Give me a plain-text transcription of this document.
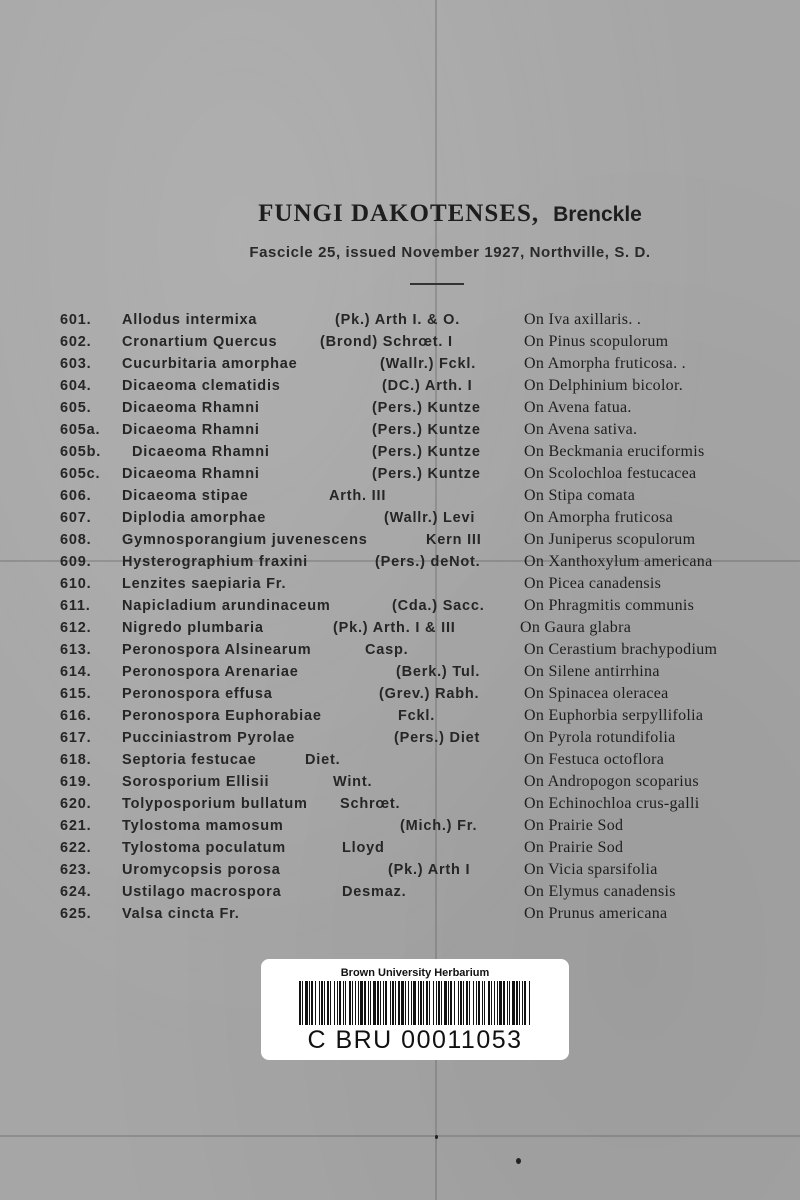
FUNGI DAKOTENSES, Brenckle
Fascicle 25, issued November 1927, Northville, S. D.
601. Allodus intermixa	(Pk.) Arth I. & O.	On Iva axillaris. .
602. Cronartium Quercus	(Brond) Schrœt. I	On Pinus scopulorum
603. Cucurbitaria amorphae	(Wallr.) Fckl.	On Amorpha fruticosa. .
604. Dicaeoma clematidis	(DC.) Arth. I	On Delphinium bicolor.
605. Dicaeoma Rhamni	(Pers.) Kuntze	On Avena fatua.
605a. Dicaeoma Rhamni	(Pers.) Kuntze	On Avena sativa.
605b. Dicaeoma Rhamni	(Pers.) Kuntze	On Beckmania eruciformis
605c. Dicaeoma Rhamni	(Pers.) Kuntze	On Scolochloa festucacea
606. Dicaeoma stipae	Arth. III	On Stipa comata
607. Diplodia amorphae	(Wallr.) Levi	On Amorpha fruticosa
608. Gymnosporangium juvenescens	Kern III	On Juniperus scopulorum
609. Hysterographium fraxini	(Pers.) deNot.	On Xanthoxylum americana
610. Lenzites saepiaria Fr.	On Picea canadensis
611. Napicladium arundinaceum	(Cda.) Sacc. On Phragmitis communis
612. Nigredo plumbaria	(Pk.) Arth. I & III	On Gaura glabra
613. Peronospora Alsinearum	Casp.	On Cerastium brachypodium
614. Peronospora Arenariae	(Berk.) Tul.	On Silene antirrhina
615. Peronospora effusa	(Grev.) Rabh.	On Spinacea oleracea
616. Peronospora Euphorabiae	Fckl.	On Euphorbia serpyllifolia
617. Pucciniastrom Pyrolae	(Pers.) Diet	On Pyrola rotundifolia
618. Septoria festucae	Diet.	On Festuca octoflora
619. Sorosporium Ellisii	Wint.	On Andropogon scoparius
620. Tolyposporium bullatum Schrœt.	On Echinochloa crus-galli
621. Tylostoma mamosum	(Mich.) Fr.	On Prairie Sod
622. Tylostoma poculatum	Lloyd	On Prairie Sod
623. Uromycopsis porosa	(Pk.) Arth I	On Vicia sparsifolia
624. Ustilago macrospora	Desmaz.	On Elymus canadensis
625. Valsa cincta Fr.	On Prunus americana
Brown University Herbarium
C BRU 00011053
